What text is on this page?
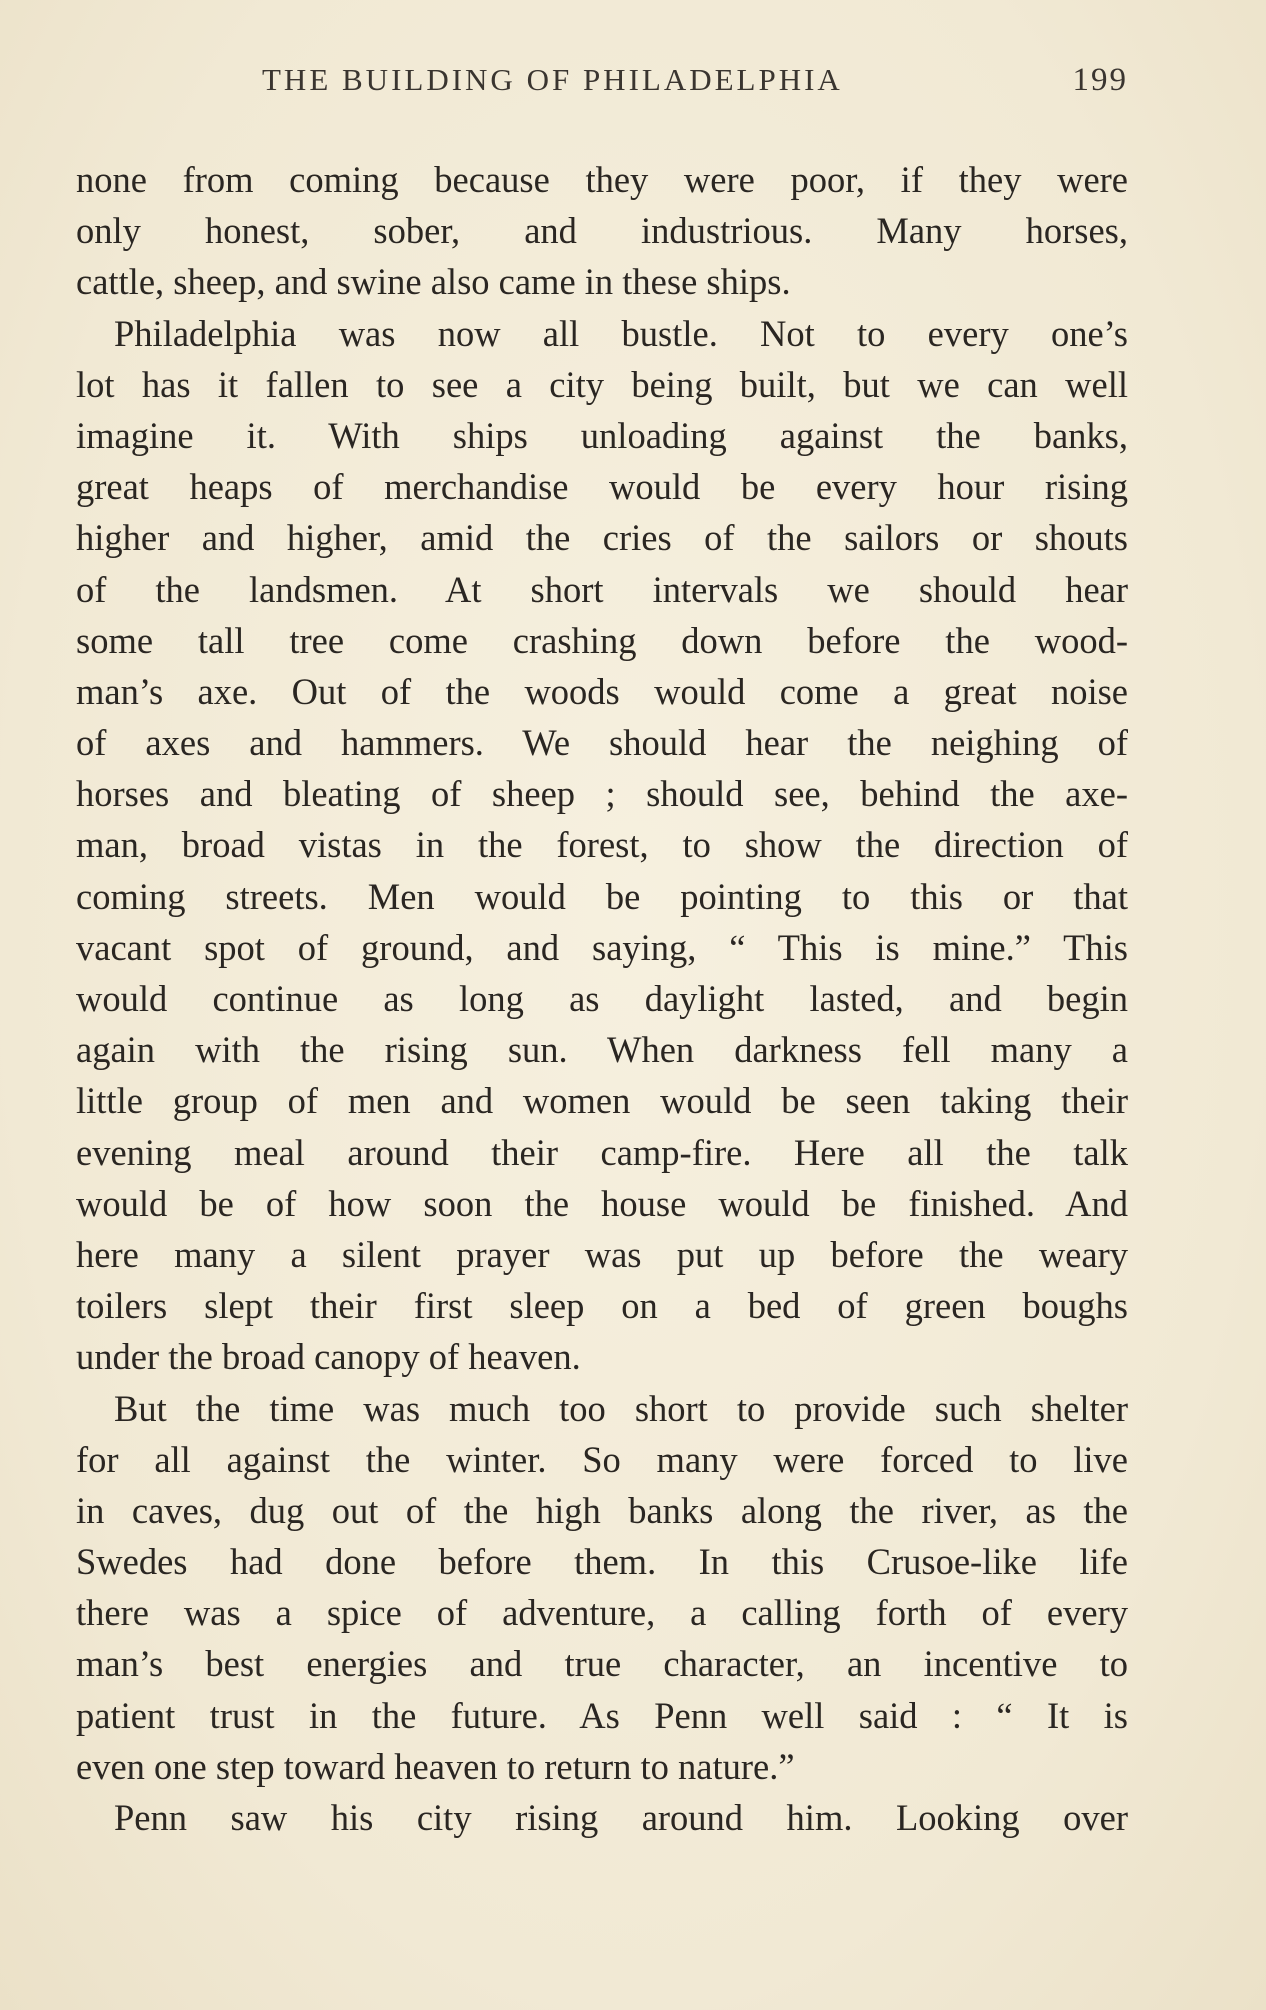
THE BUILDING OF PHILADELPHIA	199
none from coming because they were poor, if they were
only honest, sober, and industrious. Many horses,
cattle, sheep, and swine also came in these ships.
Philadelphia was now all bustle. Not to every one’s
lot has it fallen to see a city being built, but we can well
imagine it. With ships unloading against the banks,
great heaps of merchandise would be every hour rising
higher and higher, amid the cries of the sailors or shouts
of the landsmen. At short intervals we should hear
some tall tree come crashing down before the wood-
man’s axe. Out of the woods would come a great noise
of axes and hammers. We should hear the neighing of
horses and bleating of sheep ; should see, behind the axe-
man, broad vistas in the forest, to show the direction of
coming streets. Men would be pointing to this or that
vacant spot of ground, and saying, “ This is mine.” This
would continue as long as daylight lasted, and begin
again with the rising sun. When darkness fell many a
little group of men and women would be seen taking their
evening meal around their camp-fire. Here all the talk
would be of how soon the house would be finished. And
here many a silent prayer was put up before the weary
toilers slept their first sleep on a bed of green boughs
under the broad canopy of heaven.
But the time was much too short to provide such shelter
for all against the winter. So many were forced to live
in caves, dug out of the high banks along the river, as the
Swedes had done before them. In this Crusoe-like life
there was a spice of adventure, a calling forth of every
man’s best energies and true character, an incentive to
patient trust in the future. As Penn well said : “ It is
even one step toward heaven to return to nature.”
Penn saw his city rising around him. Looking over
